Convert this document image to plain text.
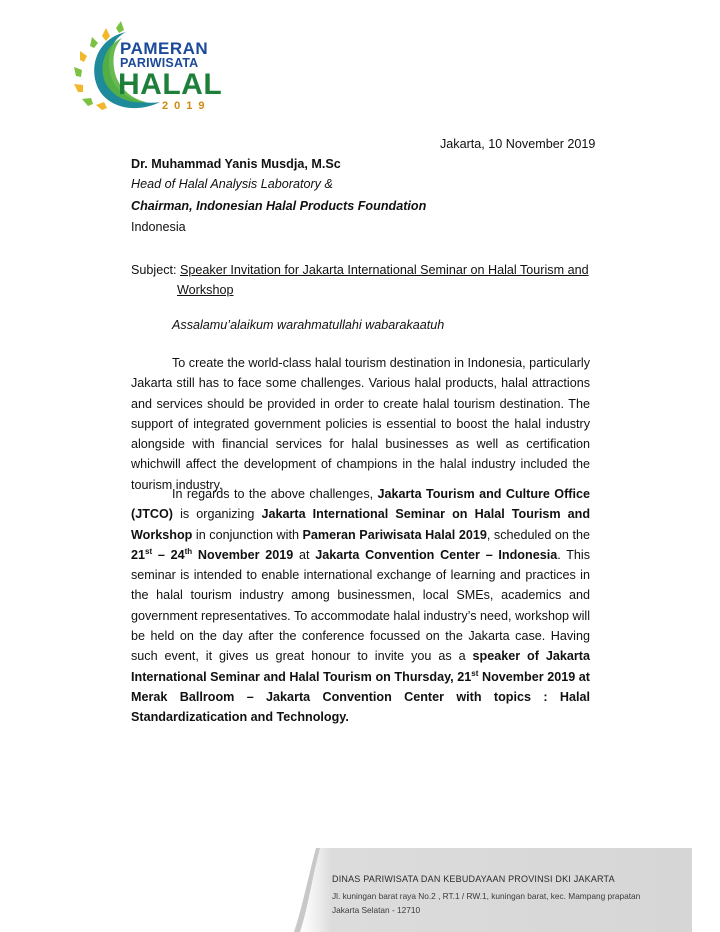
PAMERAN
PARIWISATA
HALAL
2019
Jakarta, 10 November 2019
Dr. Muhammad Yanis Musdja, M.Sc
Head of Halal Analysis Laboratory &
Chairman, Indonesian Halal Products Foundation
Indonesia
Subject: Speaker Invitation for Jakarta International Seminar on Halal Tourism and
Workshop
Assalamu’alaikum warahmatullahi wabarakaatuh

To create the world-class halal tourism destination in Indonesia, particularly Jakarta still has to face some challenges. Various halal products, halal attractions and services should be provided in order to create halal tourism destination. The support of integrated government policies is essential to boost the halal industry alongside with financial services for halal businesses as well as certification whichwill affect the development of champions in the halal industry included the tourism industry.

In regards to the above challenges, Jakarta Tourism and Culture Office (JTCO) is organizing Jakarta International Seminar on Halal Tourism and Workshop in conjunction with Pameran Pariwisata Halal 2019, scheduled on the 21st – 24th November 2019 at Jakarta Convention Center – Indonesia. This seminar is intended to enable international exchange of learning and practices in the halal tourism industry among businessmen, local SMEs, academics and government representatives. To accommodate halal industry’s need, workshop will be held on the day after the conference focussed on the Jakarta case. Having such event, it gives us great honour to invite you as a speaker of Jakarta International Seminar and Halal Tourism on Thursday, 21st November 2019 at Merak Ballroom – Jakarta Convention Center with topics : Halal Standardizatication and Technology.

DINAS PARIWISATA DAN KEBUDAYAAN PROVINSI DKI JAKARTA
Jl. kuningan barat raya No.2 , RT.1 / RW.1, kuningan barat, kec. Mampang prapatan
Jakarta Selatan - 12710
